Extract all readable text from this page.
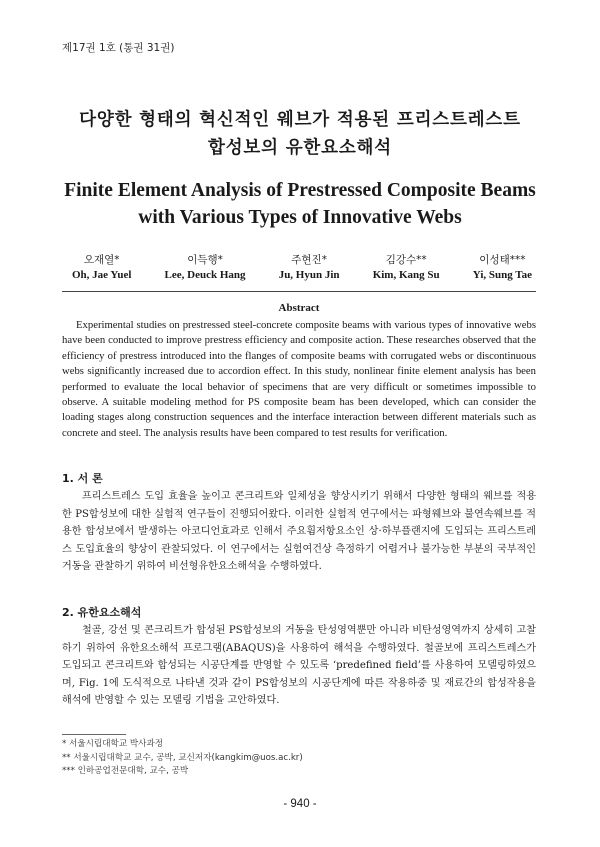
제17권 1호 (통권 31권)
다양한 형태의 혁신적인 웨브가 적용된 프리스트레스트
합성보의 유한요소해석
Finite Element Analysis of Prestressed Composite Beams
with Various Types of Innovative Webs
오재열*
Oh, Jae Yuel
이득행*
Lee, Deuck Hang
주현진*
Ju, Hyun Jin
김강수**
Kim, Kang Su
이성태***
Yi, Sung Tae
Abstract

Experimental studies on prestressed steel-concrete composite beams with various types of innovative webs have been conducted to improve prestress efficiency and composite action. These researches observed that the efficiency of prestress introduced into the flanges of composite beams with corrugated webs or discontinuous webs significantly increased due to accordion effect. In this study, nonlinear finite element analysis has been performed to evaluate the local behavior of specimens that are very difficult or sometimes impossible to observe. A suitable modeling method for PS composite beam has been developed, which can consider the loading stages along construction sequences and the interface interaction between different materials such as concrete and steel. The analysis results have been compared to test results for verification.

1. 서 론

프리스트레스 도입 효율을 높이고 콘크리트와 일체성을 향상시키기 위해서 다양한 형태의 웨브를 적용한 PS합성보에 대한 실험적 연구들이 진행되어왔다. 이러한 실험적 연구에서는 파형웨브와 불연속웨브를 적용한 합성보에서 발생하는 아코디언효과로 인해서 주요휨저항요소인 상·하부플랜지에 도입되는 프리스트레스 도입효율의 향상이 관찰되었다. 이 연구에서는 실험여건상 측정하기 어렵거나 불가능한 부분의 국부적인 거동을 관찰하기 위하여 비선형유한요소해석을 수행하였다.

2. 유한요소해석

철골, 강선 및 콘크리트가 합성된 PS합성보의 거동을 탄성영역뿐만 아니라 비탄성영역까지 상세히 고찰하기 위하여 유한요소해석 프로그램(ABAQUS)을 사용하여 해석을 수행하였다. 철골보에 프리스트레스가 도입되고 콘크리트와 합성되는 시공단계를 반영할 수 있도록 ‘predefined field’를 사용하여 모델링하였으며, Fig. 1에 도식적으로 나타낸 것과 같이 PS합성보의 시공단계에 따른 작용하중 및 재료간의 합성작용을 해석에 반영할 수 있는 모델링 기법을 고안하였다.

* 서울시립대학교 박사과정
** 서울시립대학교 교수, 공박, 교신저자(kangkim@uos.ac.kr)
*** 인하공업전문대학, 교수, 공박
- 940 -
